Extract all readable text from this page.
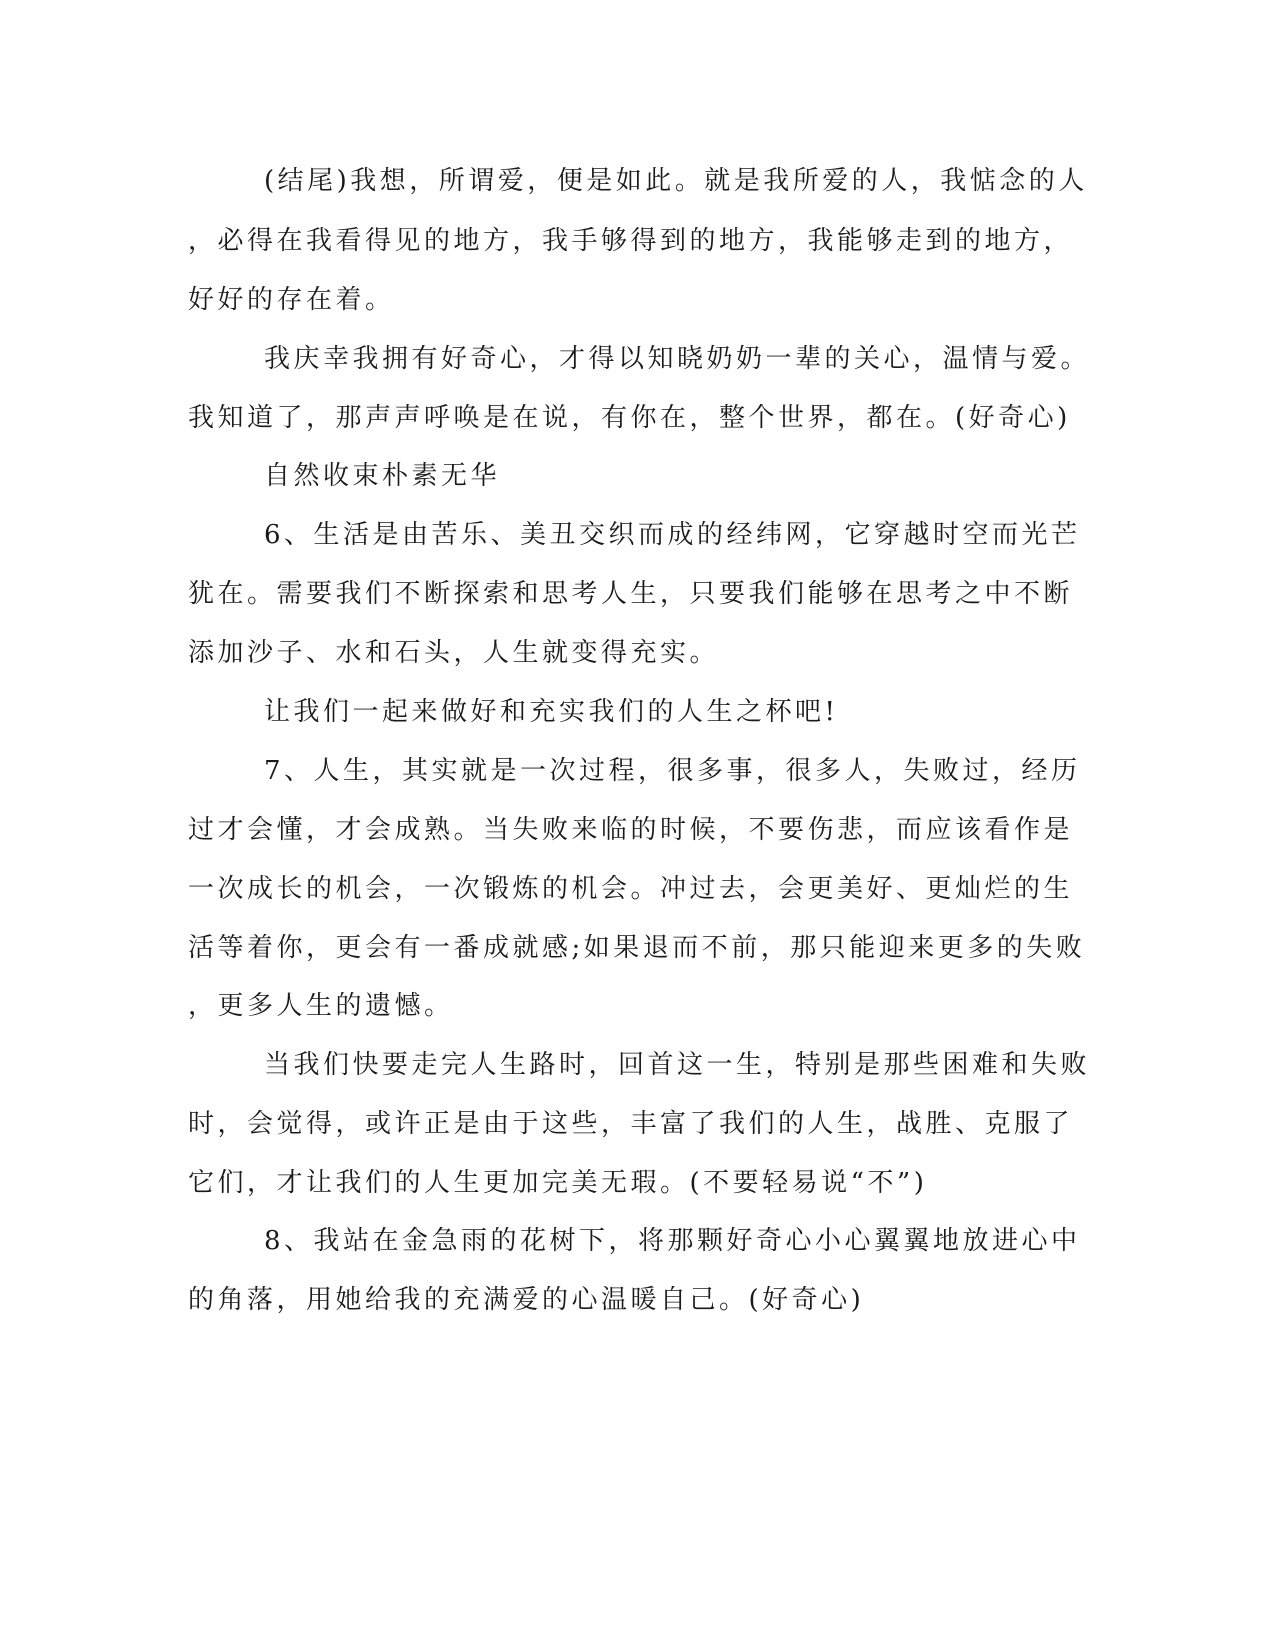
(结尾)我想，所谓爱，便是如此。就是我所爱的人，我惦念的人
，必得在我看得见的地方，我手够得到的地方，我能够走到的地方，
好好的存在着。
我庆幸我拥有好奇心，才得以知晓奶奶一辈的关心，温情与爱。
我知道了，那声声呼唤是在说，有你在，整个世界，都在。(好奇心)
自然收束朴素无华
6、生活是由苦乐、美丑交织而成的经纬网，它穿越时空而光芒
犹在。需要我们不断探索和思考人生，只要我们能够在思考之中不断
添加沙子、水和石头，人生就变得充实。
让我们一起来做好和充实我们的人生之杯吧!
7、人生，其实就是一次过程，很多事，很多人，失败过，经历
过才会懂，才会成熟。当失败来临的时候，不要伤悲，而应该看作是
一次成长的机会，一次锻炼的机会。冲过去，会更美好、更灿烂的生
活等着你，更会有一番成就感;如果退而不前，那只能迎来更多的失败
，更多人生的遗憾。
当我们快要走完人生路时，回首这一生，特别是那些困难和失败
时，会觉得，或许正是由于这些，丰富了我们的人生，战胜、克服了
它们，才让我们的人生更加完美无瑕。(不要轻易说“不”)
8、我站在金急雨的花树下，将那颗好奇心小心翼翼地放进心中
的角落，用她给我的充满爱的心温暖自己。(好奇心)
